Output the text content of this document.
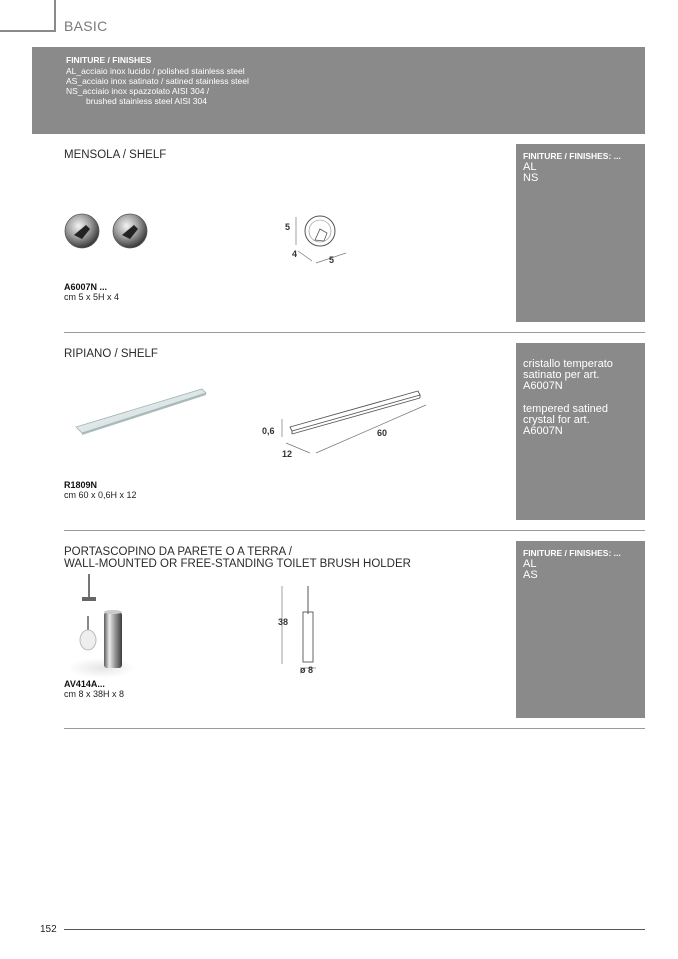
BASIC
FINITURE / FINISHES
AL_acciaio inox lucido / polished stainless steel
AS_acciaio inox satinato / satined stainless steel
NS_acciaio inox spazzolato AISI 304 /
brushed stainless steel AISI 304
MENSOLA / SHELF
5
4
5
A6007N ...
cm 5 x 5H x 4
FINITURE / FINISHES: ...
AL
NS
RIPIANO / SHELF
0,6	60
12
R1809N
cm 60 x 0,6H x 12
cristallo temperato
satinato per art.
A6007N
tempered satined
crystal for art.
A6007N
PORTASCOPINO DA PARETE O A TERRA /
WALL-MOUNTED OR FREE-STANDING TOILET BRUSH HOLDER
38
ø 8
AV414A...
cm 8 x 38H x 8
FINITURE / FINISHES: ...
AL
AS
152
